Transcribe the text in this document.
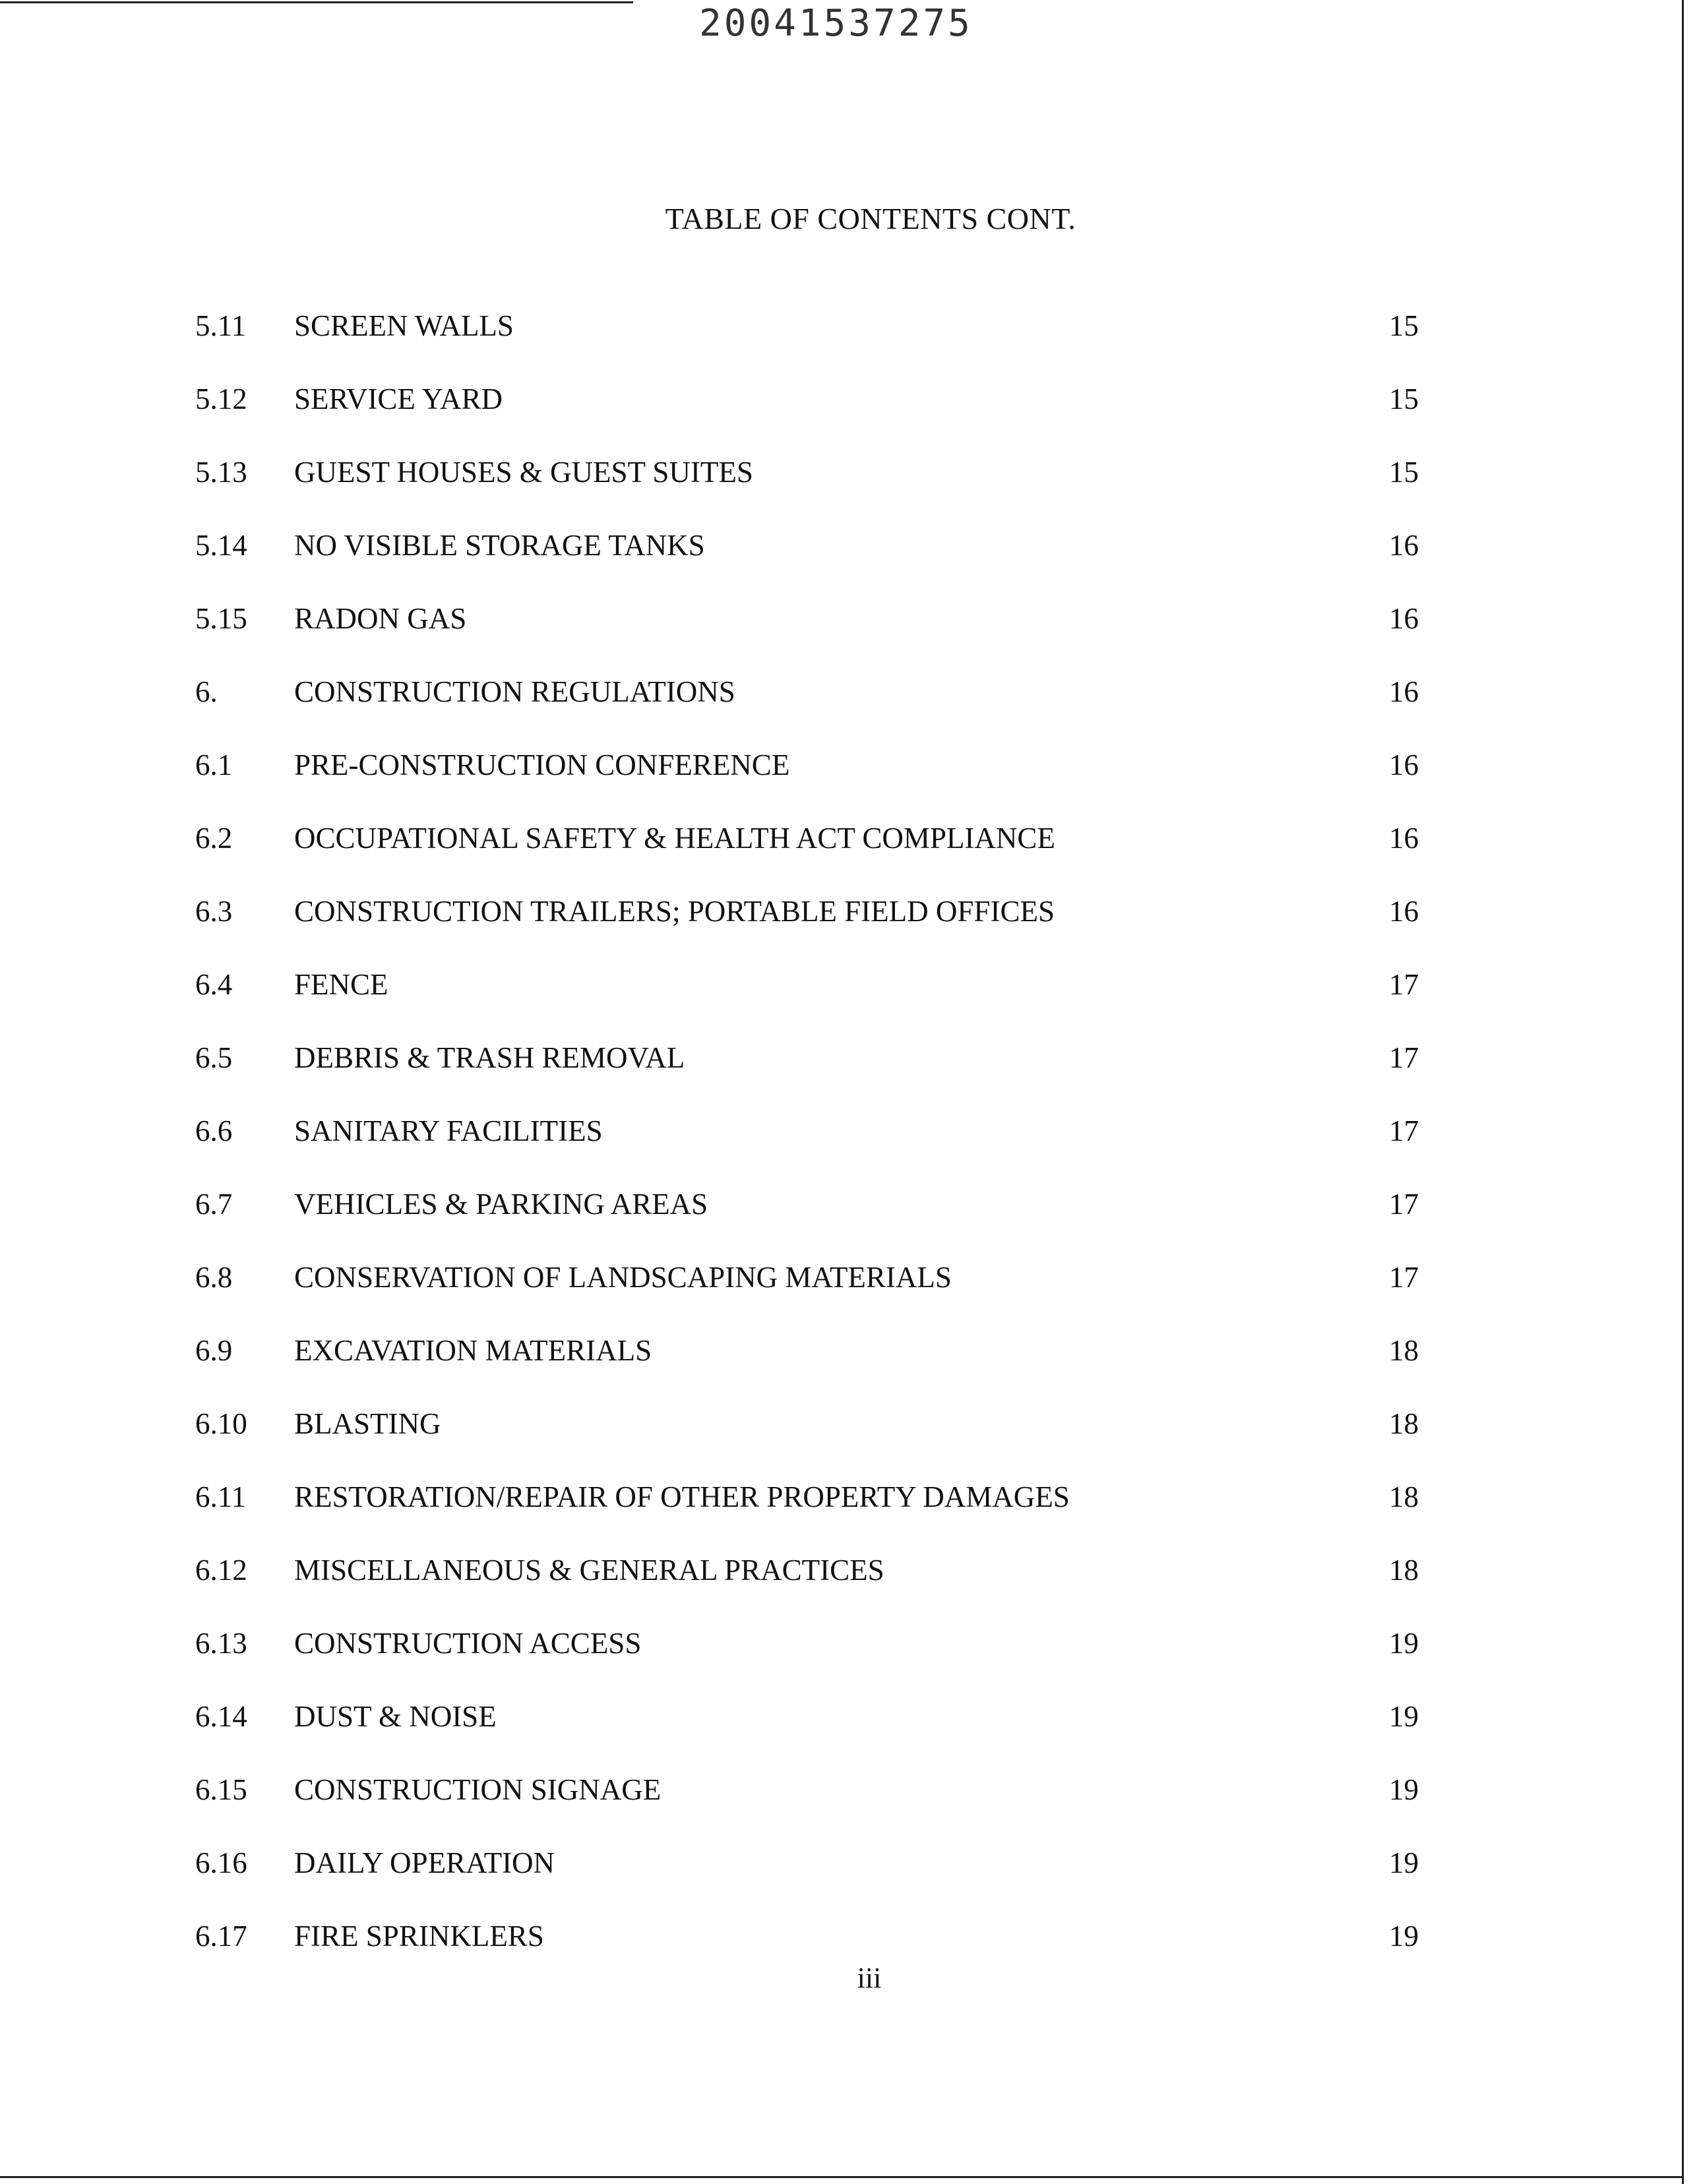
20041537275
TABLE OF CONTENTS CONT.
5.11	SCREEN WALLS	15
5.12	SERVICE YARD	15
5.13	GUEST HOUSES & GUEST SUITES	15
5.14	NO VISIBLE STORAGE TANKS	16
5.15	RADON GAS	16
6.	CONSTRUCTION REGULATIONS	16
6.1	PRE-CONSTRUCTION CONFERENCE	16
6.2	OCCUPATIONAL SAFETY & HEALTH ACT COMPLIANCE	16
6.3	CONSTRUCTION TRAILERS; PORTABLE FIELD OFFICES	16
6.4	FENCE	17
6.5	DEBRIS & TRASH REMOVAL	17
6.6	SANITARY FACILITIES	17
6.7	VEHICLES & PARKING AREAS	17
6.8	CONSERVATION OF LANDSCAPING MATERIALS	17
6.9	EXCAVATION MATERIALS	18
6.10	BLASTING	18
6.11	RESTORATION/REPAIR OF OTHER PROPERTY DAMAGES	18
6.12	MISCELLANEOUS & GENERAL PRACTICES	18
6.13	CONSTRUCTION ACCESS	19
6.14	DUST & NOISE	19
6.15	CONSTRUCTION SIGNAGE	19
6.16	DAILY OPERATION	19
6.17	FIRE SPRINKLERS	19
iii
